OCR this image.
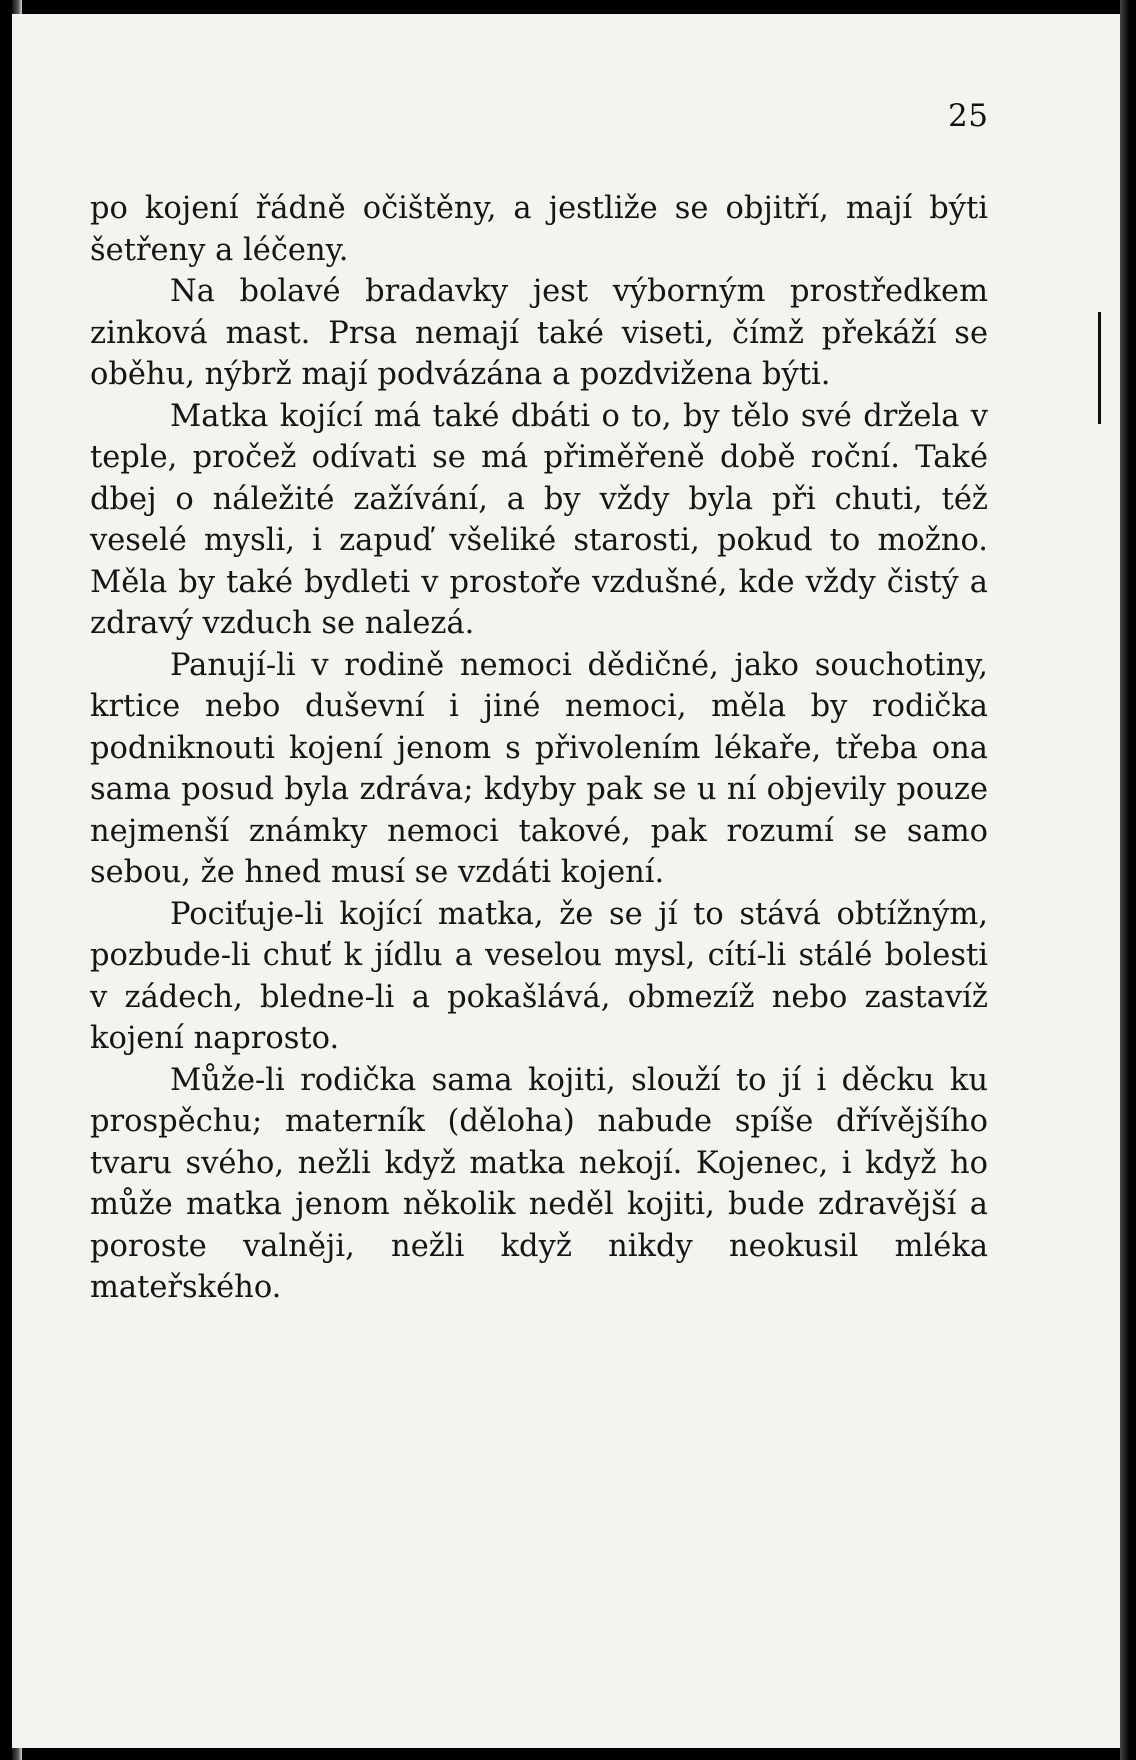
25

po kojení řádně očištěny, a jestliže se objitří, mají býti šetřeny a léčeny.

Na bolavé bradavky jest výborným prostředkem zinková mast. Prsa nemají také viseti, čímž překáží se oběhu, nýbrž mají podvázána a pozdvižena býti.

Matka kojící má také dbáti o to, by tělo své držela v teple, pročež odívati se má přiměřeně době roční. Také dbej o náležité zažívání, a by vždy byla při chuti, též veselé mysli, i zapuď všeliké starosti, pokud to možno. Měla by také bydleti v prostoře vzdušné, kde vždy čistý a zdravý vzduch se nalezá.

Panují-li v rodině nemoci dědičné, jako souchotiny, krtice nebo duševní i jiné nemoci, měla by rodička podniknouti kojení jenom s přivolením lékaře, třeba ona sama posud byla zdráva; kdyby pak se u ní objevily pouze nejmenší známky nemoci takové, pak rozumí se samo sebou, že hned musí se vzdáti kojení.

Pociťuje-li kojící matka, že se jí to stává obtížným, pozbude-li chuť k jídlu a veselou mysl, cítí-li stálé bolesti v zádech, bledne-li a pokašlává, obmezíž nebo zastavíž kojení naprosto.

Může-li rodička sama kojiti, slouží to jí i děcku ku prospěchu; materník (děloha) nabude spíše dřívějšího tvaru svého, nežli když matka nekojí. Kojenec, i když ho může matka jenom několik neděl kojiti, bude zdravější a poroste valněji, nežli když nikdy neokusil mléka mateřského.
